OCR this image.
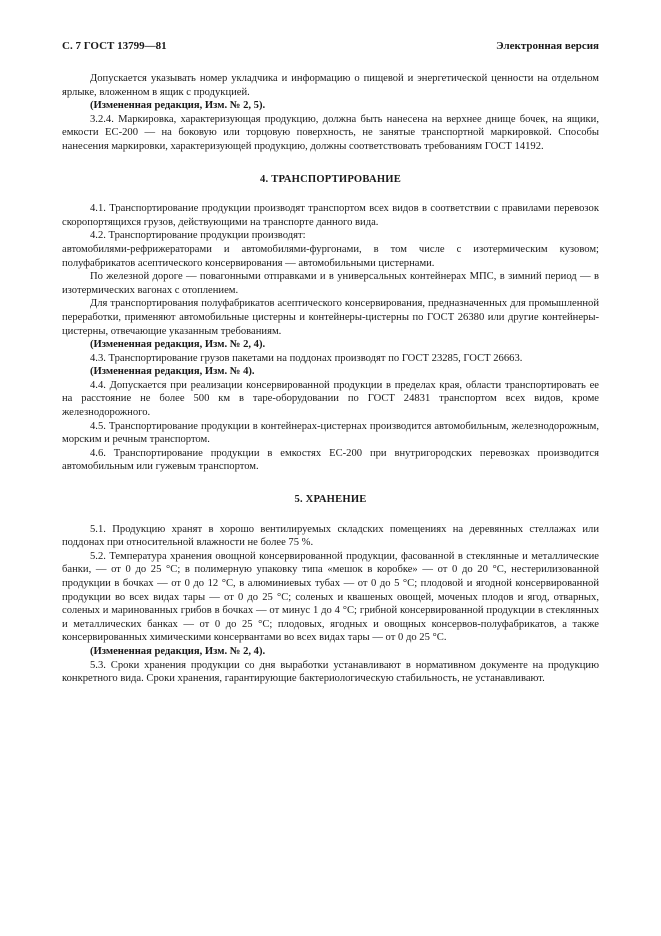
С. 7 ГОСТ 13799—81	Электронная версия

Допускается указывать номер укладчика и информацию о пищевой и энергетической ценности на отдельном ярлыке, вложенном в ящик с продукцией.

(Измененная редакция, Изм. № 2, 5).

3.2.4. Маркировка, характеризующая продукцию, должна быть нанесена на верхнее днище бочек, на ящики, емкости ЕС-200 — на боковую или торцовую поверхность, не занятые транспортной маркировкой. Способы нанесения маркировки, характеризующей продукцию, должны соответствовать требованиям ГОСТ 14192.

4. ТРАНСПОРТИРОВАНИЕ

4.1. Транспортирование продукции производят транспортом всех видов в соответствии с правилами перевозок скоропортящихся грузов, действующими на транспорте данного вида.

4.2. Транспортирование продукции производят:

автомобилями-рефрижераторами и автомобилями-фургонами, в том числе с изотермическим кузовом; полуфабрикатов асептического консервирования — автомобильными цистернами.

По железной дороге — повагонными отправками и в универсальных контейнерах МПС, в зимний период — в изотермических вагонах с отоплением.

Для транспортирования полуфабрикатов асептического консервирования, предназначенных для промышленной переработки, применяют автомобильные цистерны и контейнеры-цистерны по ГОСТ 26380 или другие контейнеры-цистерны, отвечающие указанным требованиям.

(Измененная редакция, Изм. № 2, 4).

4.3. Транспортирование грузов пакетами на поддонах производят по ГОСТ 23285, ГОСТ 26663.

(Измененная редакция, Изм. № 4).

4.4. Допускается при реализации консервированной продукции в пределах края, области транспортировать ее на расстояние не более 500 км в таре-оборудовании по ГОСТ 24831 транспортом всех видов, кроме железнодорожного.

4.5. Транспортирование продукции в контейнерах-цистернах производится автомобильным, железнодорожным, морским и речным транспортом.

4.6. Транспортирование продукции в емкостях ЕС-200 при внутригородских перевозках производится автомобильным или гужевым транспортом.

5. ХРАНЕНИЕ

5.1. Продукцию хранят в хорошо вентилируемых складских помещениях на деревянных стеллажах или поддонах при относительной влажности не более 75 %.

5.2. Температура хранения овощной консервированной продукции, фасованной в стеклянные и металлические банки, — от 0 до 25 °С; в полимерную упаковку типа «мешок в коробке» — от 0 до 20 °С, нестерилизованной продукции в бочках — от 0 до 12 °С, в алюминиевых тубах — от 0 до 5 °С; плодовой и ягодной консервированной продукции во всех видах тары — от 0 до 25 °С; соленых и квашеных овощей, моченых плодов и ягод, отварных, соленых и маринованных грибов в бочках — от минус 1 до 4 °С; грибной консервированной продукции в стеклянных и металлических банках — от 0 до 25 °С; плодовых, ягодных и овощных консервов-полуфабрикатов, а также консервированных химическими консервантами во всех видах тары — от 0 до 25 °С.

(Измененная редакция, Изм. № 2, 4).

5.3. Сроки хранения продукции со дня выработки устанавливают в нормативном документе на продукцию конкретного вида. Сроки хранения, гарантирующие бактериологическую стабильность, не устанавливают.
